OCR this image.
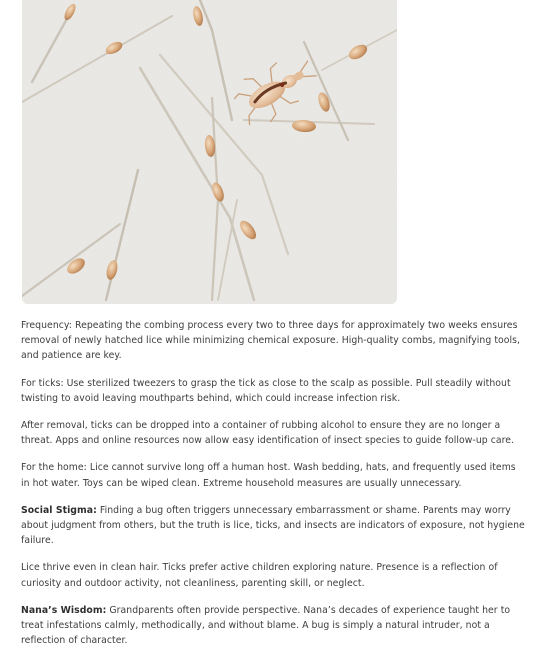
Frequency: Repeating the combing process every two to three days for approximately two weeks ensures removal of newly hatched lice while minimizing chemical exposure. High-quality combs, magnifying tools, and patience are key.

For ticks: Use sterilized tweezers to grasp the tick as close to the scalp as possible. Pull steadily without twisting to avoid leaving mouthparts behind, which could increase infection risk.

After removal, ticks can be dropped into a container of rubbing alcohol to ensure they are no longer a threat. Apps and online resources now allow easy identification of insect species to guide follow-up care.

For the home: Lice cannot survive long off a human host. Wash bedding, hats, and frequently used items in hot water. Toys can be wiped clean. Extreme household measures are usually unnecessary.

Social Stigma: Finding a bug often triggers unnecessary embarrassment or shame. Parents may worry about judgment from others, but the truth is lice, ticks, and insects are indicators of exposure, not hygiene failure.

Lice thrive even in clean hair. Ticks prefer active children exploring nature. Presence is a reflection of curiosity and outdoor activity, not cleanliness, parenting skill, or neglect.

Nana’s Wisdom: Grandparents often provide perspective. Nana’s decades of experience taught her to treat infestations calmly, methodically, and without blame. A bug is simply a natural intruder, not a reflection of character.
